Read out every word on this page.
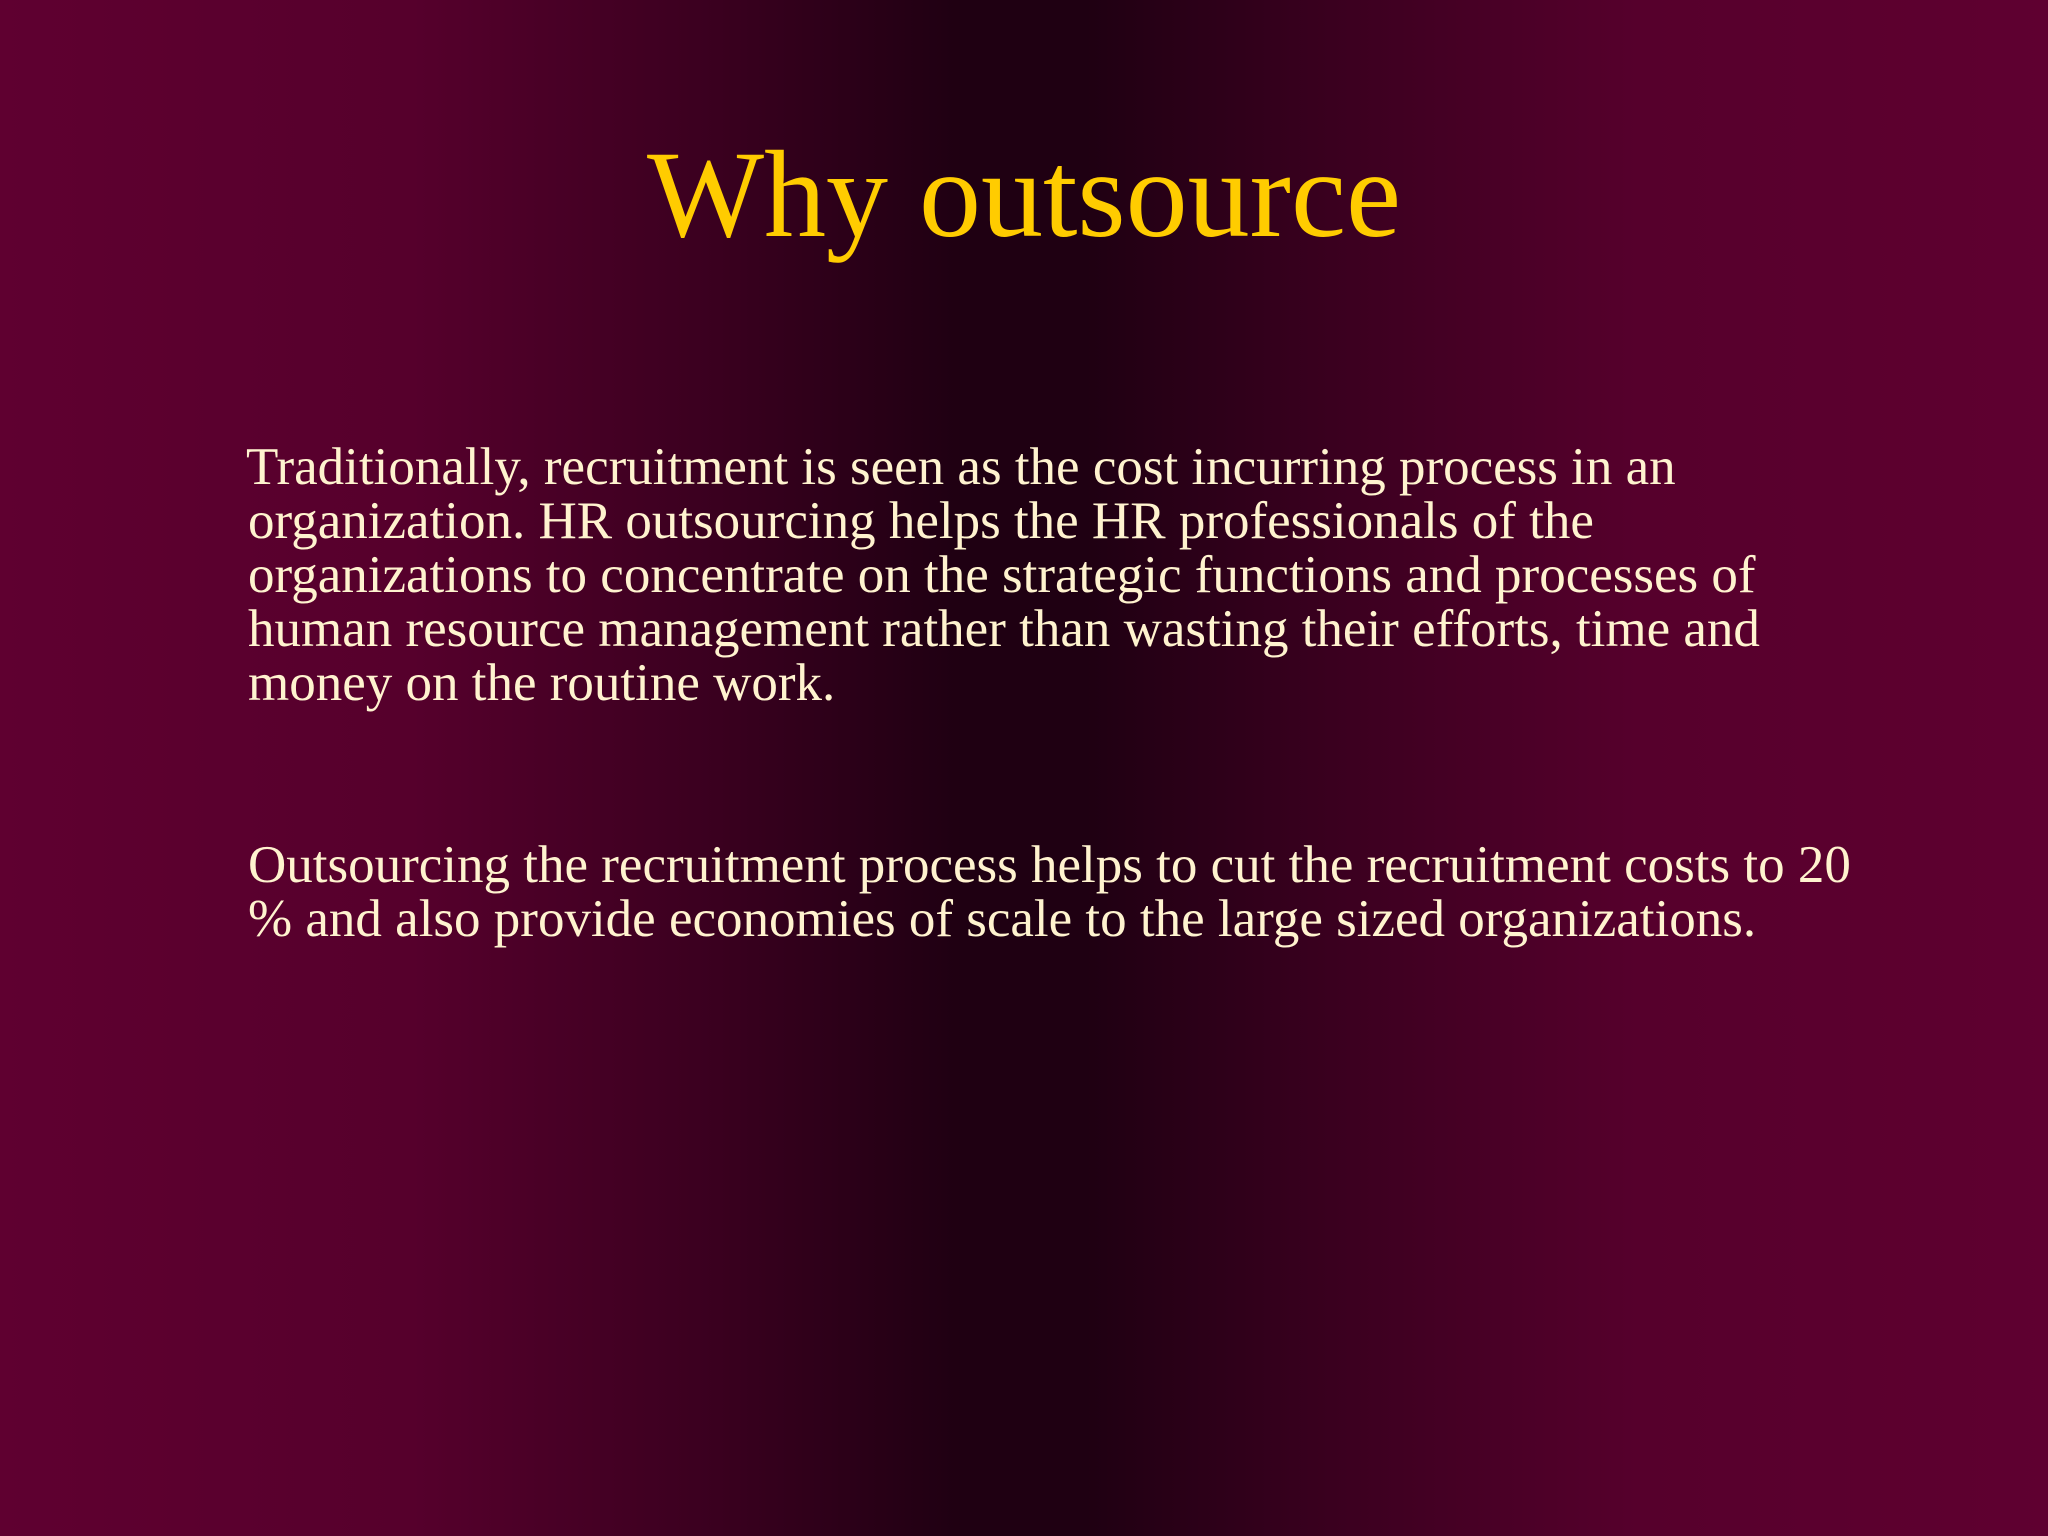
Why outsource

Traditionally, recruitment is seen as the cost incurring process in an organization. HR outsourcing helps the HR professionals of the organizations to concentrate on the strategic functions and processes of human resource management rather than wasting their efforts, time and money on the routine work.

Outsourcing the recruitment process helps to cut the recruitment costs to 20 % and also provide economies of scale to the large sized organizations.
